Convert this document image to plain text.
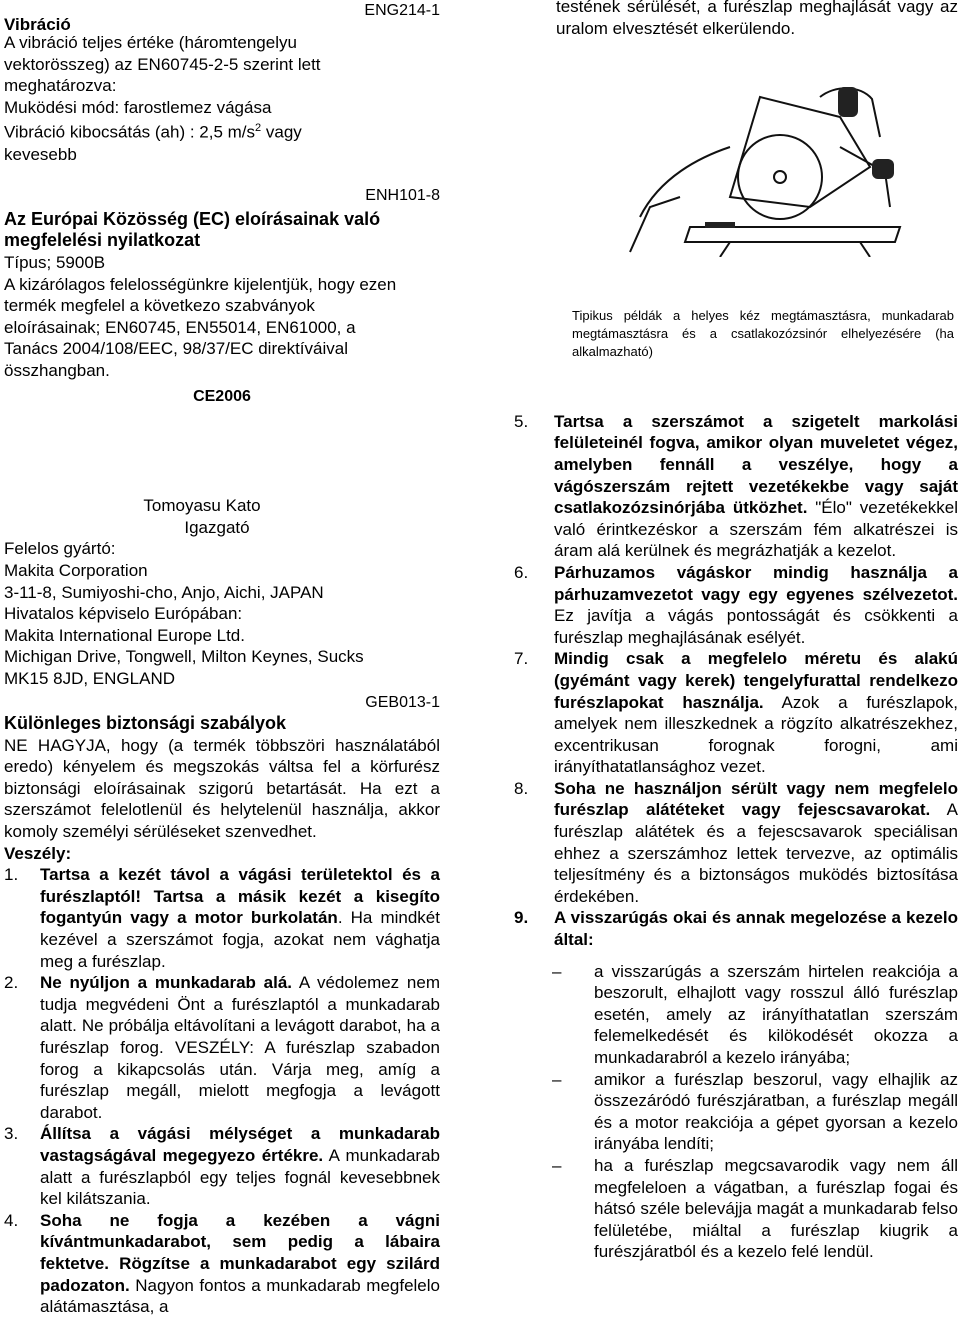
Vibráció
ENG214-1
A vibráció teljes értéke (háromtengelyu
vektorösszeg) az EN60745-2-5 szerint lett
meghatározva:
Muködési mód: farostlemez vágása
Vibráció kibocsátás (ah) : 2,5 $m/s^2$ vagy
kevesebb
ENH101-8
Az Európai Közösség (EC) eloírásainak való
megfelelési nyilatkozat
Típus; 5900B
A kizárólagos felelosségünkre kijelentjük, hogy ezen
termék megfelel a következo szabványok
eloírásainak; EN60745, EN55014, EN61000, a
Tanács 2004/108/EEC, 98/37/EC direktíváival
összhangban.
CE2006
Tomoyasu Kato
Igazgató
Felelos gyártó:
Makita Corporation
3-11-8, Sumiyoshi-cho, Anjo, Aichi, JAPAN
Hivatalos képviselo Európában:
Makita International Europe Ltd.
Michigan Drive, Tongwell, Milton Keynes, Sucks
MK15 8JD, ENGLAND
GEB013-1
Különleges biztonsági szabályok
NE HAGYJA, hogy (a termék többszöri használatából eredo) kényelem és megszokás váltsa fel a körfurész biztonsági eloírásainak szigorú betartását. Ha ezt a szerszámot felelotlenül és helytelenül használja, akkor komoly személyi sérüléseket szenvedhet.
Veszély:
1.	Tartsa a kezét távol a vágási területektol és a furészlaptól! Tartsa a másik kezét a kisegíto fogantyún vagy a motor burkolatán. Ha mindkét kezével a szerszámot fogja, azokat nem vághatja meg a furészlap.
2.	Ne nyúljon a munkadarab alá. A védolemez nem tudja megvédeni Önt a furészlaptól a munkadarab alatt. Ne próbálja eltávolítani a levágott darabot, ha a furészlap forog. VESZÉLY: A furészlap szabadon forog a kikapcsolás után. Várja meg, amíg a furészlap megáll, mielott megfogja a levágott darabot.
3.	Állítsa a vágási mélységet a munkadarab vastagságával megegyezo értékre. A munkadarab alatt a furészlapból egy teljes fognál kevesebbnek kel kilátszania.
4.	Soha ne fogja a kezében a vágni kívántmunkadarabot, sem pedig a lábaira fektetve. Rögzítse a munkadarabot egy szilárd padozaton. Nagyon fontos a munkadarab megfelelo alátámasztása, a
testének sérülését, a furészlap meghajlását vagy az uralom elvesztését elkerülendo.
Tipikus példák a helyes kéz megtámasztásra, munkadarab megtámasztásra és a csatlakozózsinór elhelyezésére (ha alkalmazható)
5.	Tartsa a szerszámot a szigetelt markolási felületeinél fogva, amikor olyan muveletet végez, amelyben fennáll a veszélye, hogy a vágószerszám rejtett vezetékekbe vagy saját csatlakozózsinórjába ütközhet. "Élo" vezetékekkel való érintkezéskor a szerszám fém alkatrészei is áram alá kerülnek és megrázhatják a kezelot.
6.	Párhuzamos vágáskor mindig használja a párhuzamvezetot vagy egy egyenes szélvezetot. Ez javítja a vágás pontosságát és csökkenti a furészlap meghajlásának esélyét.
7.	Mindig csak a megfelelo méretu és alakú (gyémánt vagy kerek) tengelyfurattal rendelkezo furészlapokat használja. Azok a furészlapok, amelyek nem illeszkednek a rögzíto alkatrészekhez, excentrikusan forognak forogni, ami irányíthatatlansághoz vezet.
8.	Soha ne használjon sérült vagy nem megfelelo furészlap alátéteket vagy fejescsavarokat. A furészlap alátétek és a fejescsavarok speciálisan ehhez a szerszámhoz lettek tervezve, az optimális teljesítmény és a biztonságos muködés biztosítása érdekében.
9.	A visszarúgás okai és annak megelozése a kezelo által:
–	a visszarúgás a szerszám hirtelen reakciója a beszorult, elhajlott vagy rosszul álló furészlap esetén, amely az irányíthatatlan szerszám felemelkedését és kilökodését okozza a munkadarabról a kezelo irányába;
–	amikor a furészlap beszorul, vagy elhajlik az összezáródó furészjáratban, a furészlap megáll és a motor reakciója a gépet gyorsan a kezelo irányába lendíti;
–	ha a furészlap megcsavarodik vagy nem áll megfeleloen a vágatban, a furészlap fogai és hátsó széle belevájja magát a munkadarab felso felületébe, miáltal a furészlap kiugrik a furészjáratból és a kezelo felé lendül.
